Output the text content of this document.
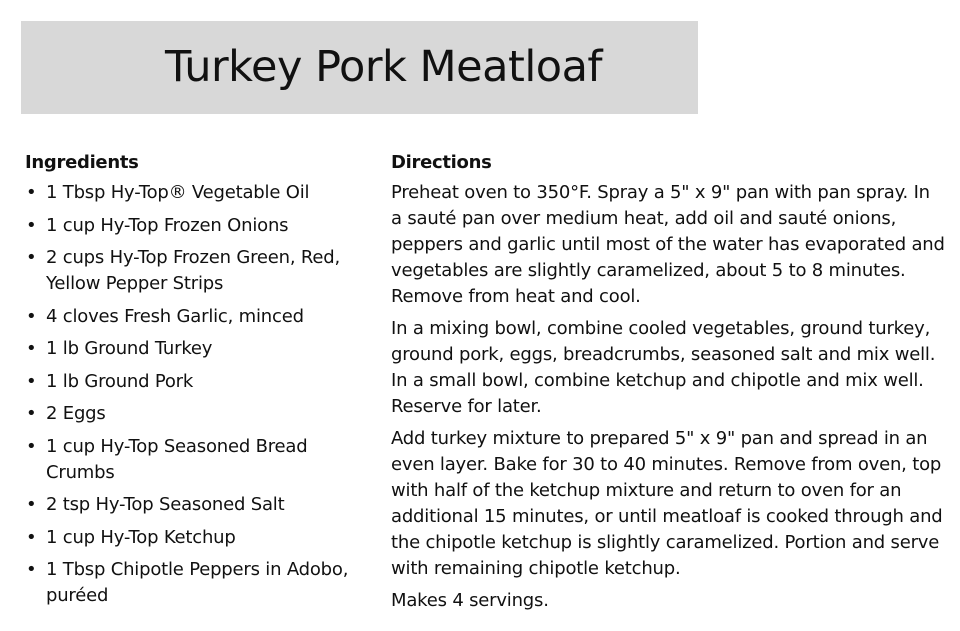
Turkey Pork Meatloaf
Ingredients
• 1 Tbsp Hy-Top® Vegetable Oil
• 1 cup Hy-Top Frozen Onions
• 2 cups Hy-Top Frozen Green, Red, Yellow Pepper Strips
• 4 cloves Fresh Garlic, minced
• 1 lb Ground Turkey
• 1 lb Ground Pork
• 2 Eggs
• 1 cup Hy-Top Seasoned Bread Crumbs
• 2 tsp Hy-Top Seasoned Salt
• 1 cup Hy-Top Ketchup
• 1 Tbsp Chipotle Peppers in Adobo, puréed
Directions

Preheat oven to 350°F. Spray a 5" x 9" pan with pan spray. In a sauté pan over medium heat, add oil and sauté onions, peppers and garlic until most of the water has evaporated and vegetables are slightly caramelized, about 5 to 8 minutes. Remove from heat and cool.

In a mixing bowl, combine cooled vegetables, ground turkey, ground pork, eggs, breadcrumbs, seasoned salt and mix well. In a small bowl, combine ketchup and chipotle and mix well. Reserve for later.

Add turkey mixture to prepared 5" x 9" pan and spread in an even layer. Bake for 30 to 40 minutes. Remove from oven, top with half of the ketchup mixture and return to oven for an additional 15 minutes, or until meatloaf is cooked through and the chipotle ketchup is slightly caramelized. Portion and serve with remaining chipotle ketchup.

Makes 4 servings.
